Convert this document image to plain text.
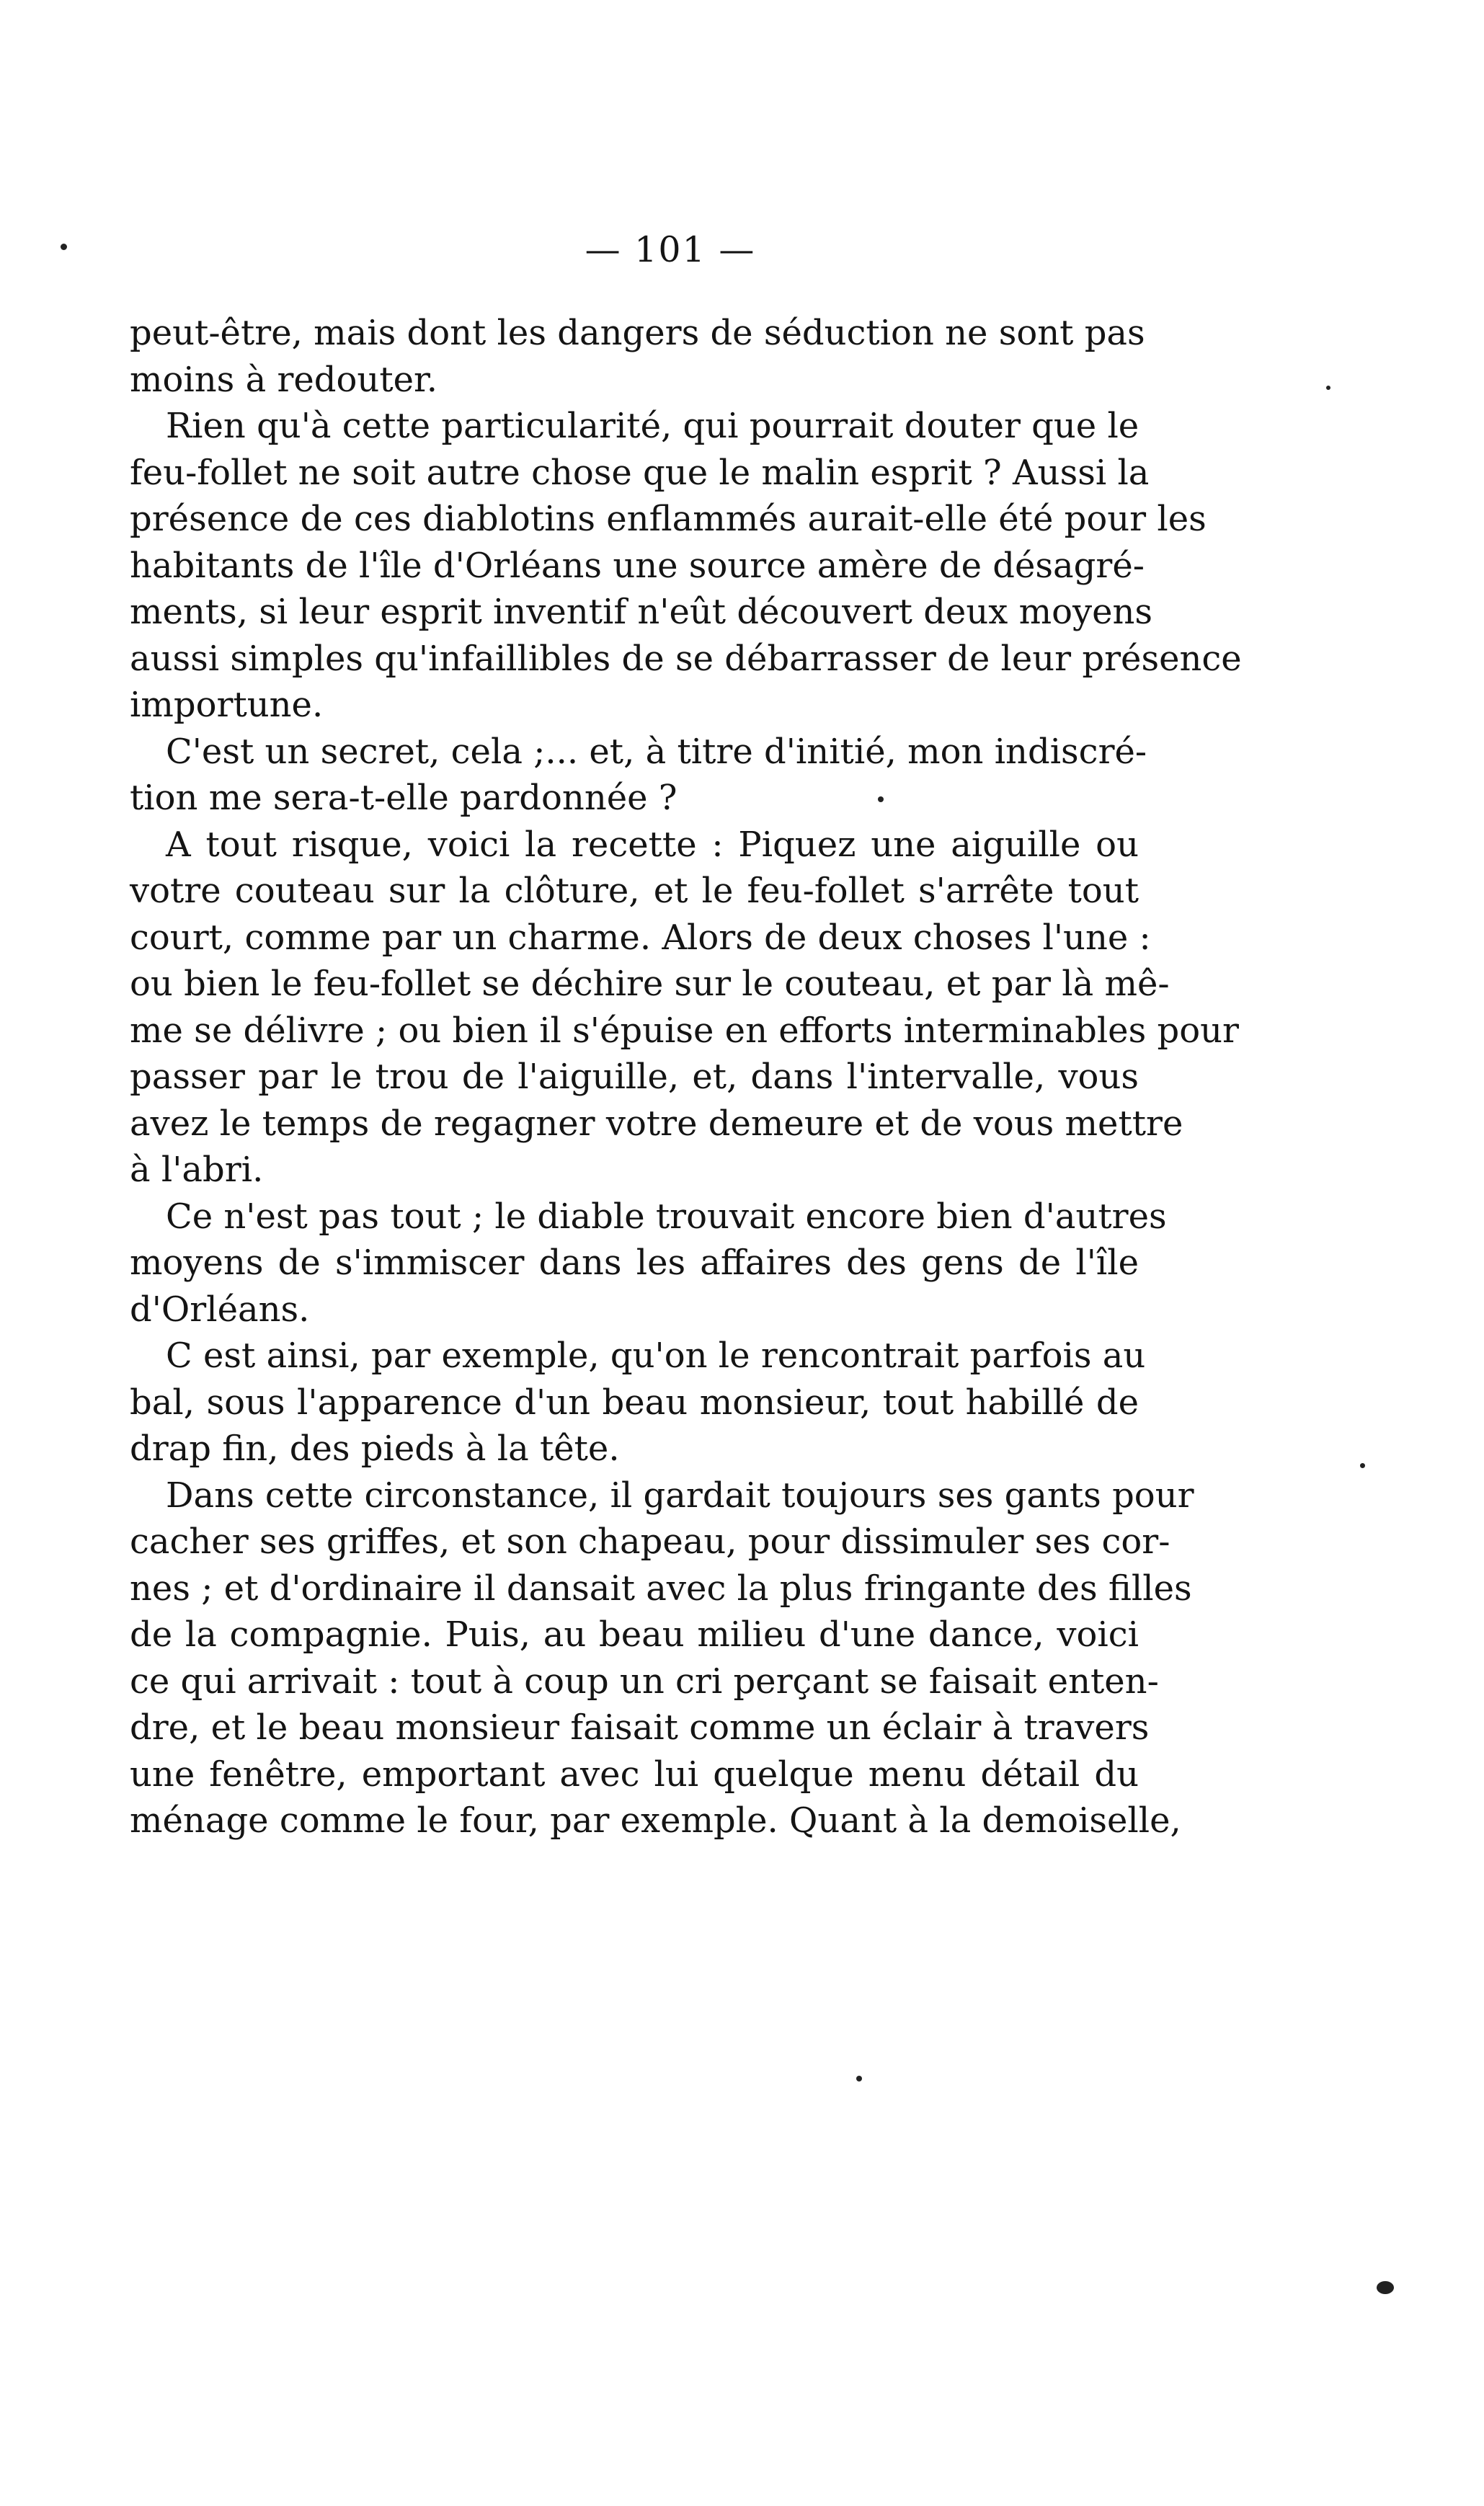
— 101 —
peut-être, mais dont les dangers de séduction ne sont pas
moins à redouter.
Rien qu'à cette particularité, qui pourrait douter que le
feu-follet ne soit autre chose que le malin esprit ? Aussi la
présence de ces diablotins enflammés aurait-elle été pour les
habitants de l'île d'Orléans une source amère de désagré-
ments, si leur esprit inventif n'eût découvert deux moyens
aussi simples qu'infaillibles de se débarrasser de leur présence
importune.
C'est un secret, cela ;... et, à titre d'initié, mon indiscré-
tion me sera-t-elle pardonnée ?
A tout risque, voici la recette : Piquez une aiguille ou
votre couteau sur la clôture, et le feu-follet s'arrête tout
court, comme par un charme. Alors de deux choses l'une :
ou bien le feu-follet se déchire sur le couteau, et par là mê-
me se délivre ; ou bien il s'épuise en efforts interminables pour
passer par le trou de l'aiguille, et, dans l'intervalle, vous
avez le temps de regagner votre demeure et de vous mettre
à l'abri.
Ce n'est pas tout ; le diable trouvait encore bien d'autres
moyens de s'immiscer dans les affaires des gens de l'île
d'Orléans.
C est ainsi, par exemple, qu'on le rencontrait parfois au
bal, sous l'apparence d'un beau monsieur, tout habillé de
drap fin, des pieds à la tête.
Dans cette circonstance, il gardait toujours ses gants pour
cacher ses griffes, et son chapeau, pour dissimuler ses cor-
nes ; et d'ordinaire il dansait avec la plus fringante des filles
de la compagnie. Puis, au beau milieu d'une dance, voici
ce qui arrivait : tout à coup un cri perçant se faisait enten-
dre, et le beau monsieur faisait comme un éclair à travers
une fenêtre, emportant avec lui quelque menu détail du
ménage comme le four, par exemple. Quant à la demoiselle,
